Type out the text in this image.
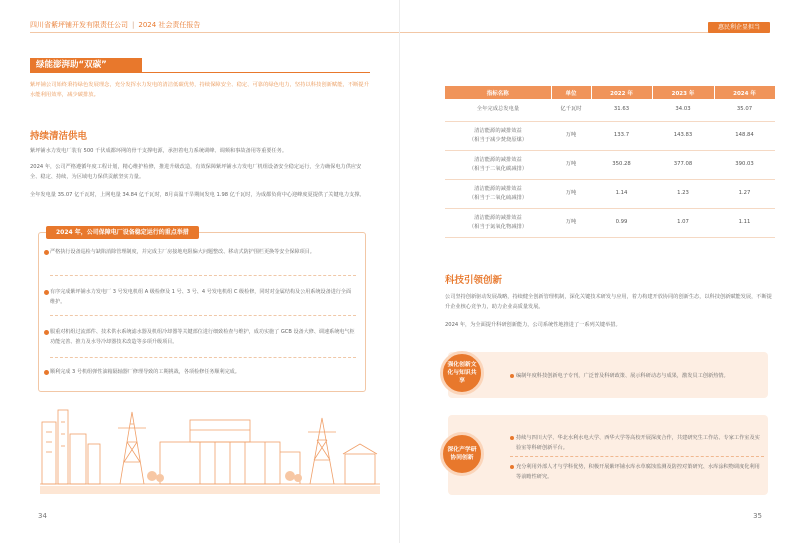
四川省紫坪铺开发有限责任公司 | 2024 社会责任报告
绿能澎湃助“双碳”
紫坪铺公司始终秉持绿色发展理念，充分发挥水力发电的清洁低碳优势，持续保障安全、稳定、可靠的绿色电力，坚持以科技创新赋能，不断提升水能利用效率，减少碳排放。
持续清洁供电
紫坪铺水力发电厂装有 500 千伏成都环网的骨干支撑电源，承担着电力系统调峰、调频和事故备用等重要任务。
2024 年，公司严格遵循年度工程计划，精心维护检修，推进升级改造，有效保障紫坪铺水力发电厂机组设备安全稳定运行，全力确保电力供应安全、稳定、持续，为区域电力保供贡献坚实力量。
全年发电量 35.07 亿千瓦时，上网电量 34.84 亿千瓦时，8月高温干旱期间发电 1.98 亿千瓦时，为成都负荷中心迎峰度夏提供了关键电力支撑。
2024 年，公司保障电厂设备稳定运行的重点举措
严格执行设备巡检与缺陷消除管理制度，并完成主厂房接地电阻偏大问题整改、移动式防护围栏更换等安全保障项目。
有序完成紫坪铺水力发电厂 3 号发电机组 A 级检修及 1 号、3 号、4 号发电机组 C 级检修，同时对金属结构及公用系统设备进行全面维护。
服重对机组过流部件、技术供水系统滤水器及机组冷却器等关键部位进行细致检查与维护，成功实施了 GCB 设备大修、调速系统电气柜功能完善、推力及水导冷却器技术改造等多项升级项目。
顺利完成 3 号机组弹性油箱隔轴器厂修理导致的工期挑战，各项检修任务顺利完成。
34
惠民利企显担当
指标名称	单位	2022 年	2023 年	2024 年
全年完成总发电量	亿千瓦时	31.63	34.03	35.07
清洁能源的减排效益
（相当于减少焚烧原煤）	万吨	133.7	143.83	148.84
清洁能源的减排效益
（相当于二氧化碳减排）	万吨	350.28	377.08	390.03
清洁能源的减排效益
（相当于二氧化硫减排）	万吨	1.14	1.23	1.27
清洁能源的减排效益
（相当于氮氧化物减排）	万吨	0.99	1.07	1.11
科技引领创新
公司坚持创新驱动发展战略，持续健全创新管理机制，深化关键技术研发与应用，着力构建开放协同的创新生态，以科技创新赋能发展，不断提升企业核心竞争力，助力企业高质量发展。
2024 年，为全面提升科研创新能力，公司系统性地推进了一系列关键举措。
强化创新文化与知识共享
编制年度科技创新电子专刊，广泛普及科研政策、展示科研动态与成果，激发员工创新热情。
深化产学研协同创新
持续与四川大学、华北水利水电大学、西华大学等高校开展深度合作，共建研究生工作站、专家工作室及实验室等科研创新平台。
充分利用外部人才与学科优势，积极开展紫坪铺水库水草腐蚀监测及防控对策研究、水库涂积物调度化利用等前瞻性研究。
35
